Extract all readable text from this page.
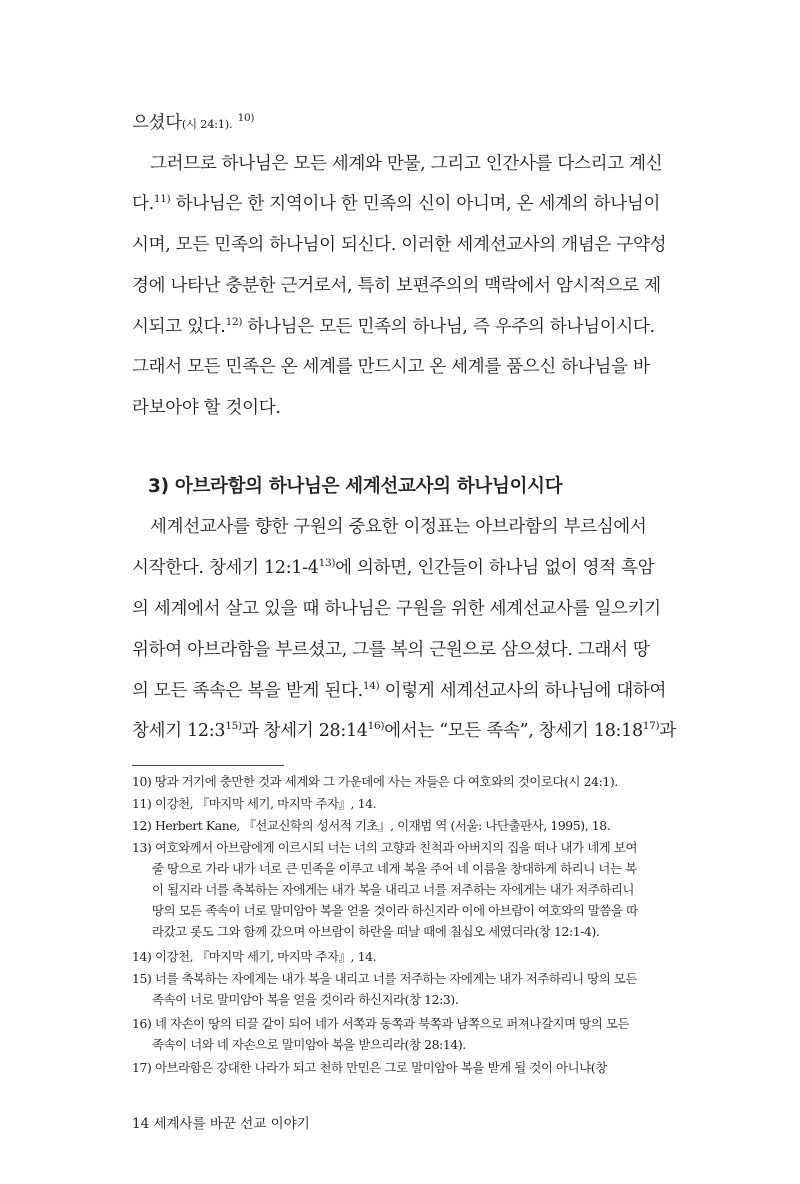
으셨다(시 24:1). $^{10)}$
그러므로 하나님은 모든 세계와 만물, 그리고 인간사를 다스리고 계신
다.$^{11)}$ 하나님은 한 지역이나 한 민족의 신이 아니며, 온 세계의 하나님이
시며, 모든 민족의 하나님이 되신다. 이러한 세계선교사의 개념은 구약성
경에 나타난 충분한 근거로서, 특히 보편주의의 맥락에서 암시적으로 제
시되고 있다.$^{12)}$ 하나님은 모든 민족의 하나님, 즉 우주의 하나님이시다.
그래서 모든 민족은 온 세계를 만드시고 온 세계를 품으신 하나님을 바
라보아야 할 것이다.
3) 아브라함의 하나님은 세계선교사의 하나님이시다
세계선교사를 향한 구원의 중요한 이정표는 아브라함의 부르심에서
시작한다. 창세기 12:1-4$^{13)}$에 의하면, 인간들이 하나님 없이 영적 흑암
의 세계에서 살고 있을 때 하나님은 구원을 위한 세계선교사를 일으키기
위하여 아브라함을 부르셨고, 그를 복의 근원으로 삼으셨다. 그래서 땅
의 모든 족속은 복을 받게 된다.$^{14)}$ 이렇게 세계선교사의 하나님에 대하여
창세기 12:3$^{15)}$과 창세기 28:14$^{16)}$에서는 “모든 족속”, 창세기 18:18$^{17)}$과
10) 땅과 거기에 충만한 것과 세계와 그 가운데에 사는 자들은 다 여호와의 것이로다(시 24:1).
11) 이강천, 『마지막 세기, 마지막 주자』, 14.
12) Herbert Kane, 『선교신학의 성서적 기초』, 이재범 역 (서울: 나단출판사, 1995), 18.
13) 여호와께서 아브람에게 이르시되 너는 너의 고향과 친척과 아버지의 집을 떠나 내가 네게 보여
줄 땅으로 가라 내가 너로 큰 민족을 이루고 네게 복을 주어 네 이름을 창대하게 하리니 너는 복
이 될지라 너를 축복하는 자에게는 내가 복을 내리고 너를 저주하는 자에게는 내가 저주하리니
땅의 모든 족속이 너로 말미암아 복을 얻을 것이라 하신지라 이에 아브람이 여호와의 말씀을 따
라갔고 롯도 그와 함께 갔으며 아브람이 하란을 떠날 때에 칠십오 세였더라(창 12:1-4).
14) 이강천, 『마지막 세기, 마지막 주자』, 14.
15) 너를 축복하는 자에게는 내가 복을 내리고 너를 저주하는 자에게는 내가 저주하리니 땅의 모든
족속이 너로 말미암아 복을 얻을 것이라 하신지라(창 12:3).
16) 네 자손이 땅의 티끌 같이 되어 네가 서쪽과 동쪽과 북쪽과 남쪽으로 퍼져나갈지며 땅의 모든
족속이 너와 네 자손으로 말미암아 복을 받으리라(창 28:14).
17) 아브라함은 강대한 나라가 되고 천하 만민은 그로 말미암아 복을 받게 될 것이 아니냐(창
14 세계사를 바꾼 선교 이야기
